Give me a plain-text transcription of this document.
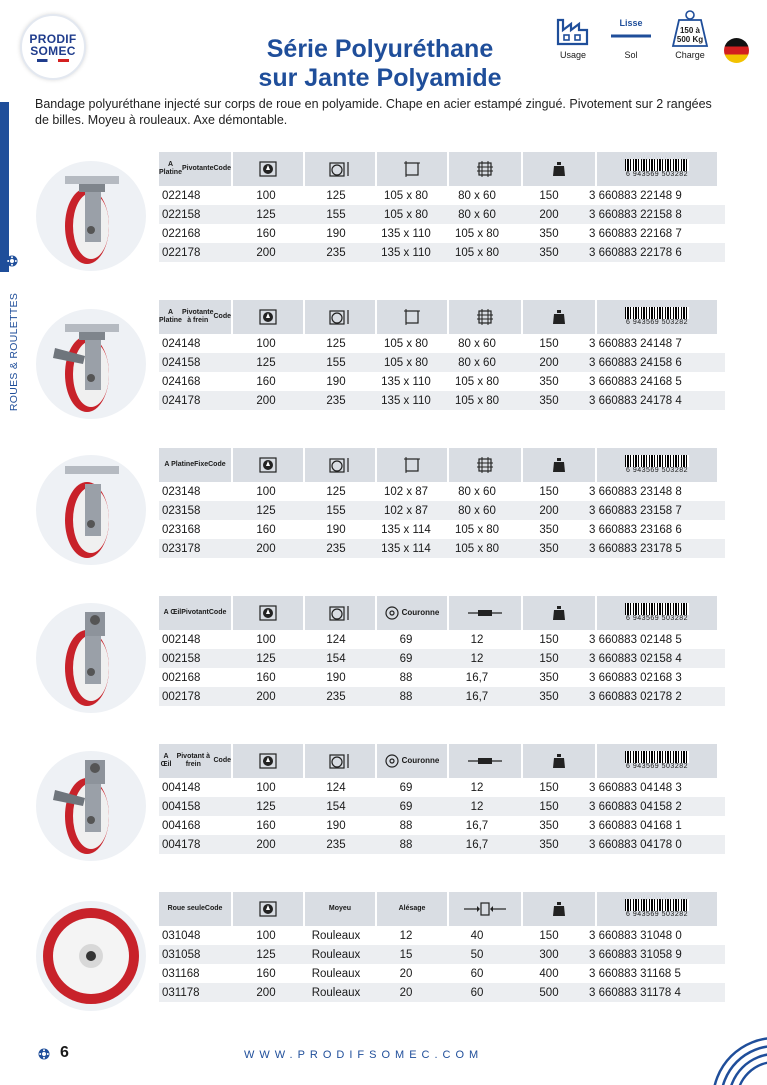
PRODIF
SOMEC	Série Polyuréthane
sur Jante Polyamide
Usage
Lisse
Sol
150 à
500 Kg
Charge
ROUES & ROULETTES
Bandage polyuréthane injecté sur corps de roue en polyamide. Chape en acier estampé zingué. Pivotement sur 2 rangées de billes. Moyeu à rouleaux. Axe démontable.
A Platine
Pivotante Code
6 943569 503282
022148	100	125	105 x 80	80 x 60	150	3 660883 22148 9
022158	125	155	105 x 80	80 x 60	200	3 660883 22158 8
022168	160	190	135 x 110	105 x 80	350	3 660883 22168 7
022178	200	235	135 x 110	105 x 80	350	3 660883 22178 6
A Platine
Pivotante à frein
Code
6 943569 503282
024148	100	125	105 x 80	80 x 60	150	3 660883 24148 7
024158	125	155	105 x 80	80 x 60	200	3 660883 24158 6
024168	160	190	135 x 110	105 x 80	350	3 660883 24168 5
024178	200	235	135 x 110	105 x 80	350	3 660883 24178 4
A Platine Fixe Code
6 943569 503282
023148	100	125	102 x 87	80 x 60	150	3 660883 23148 8
023158	125	155	102 x 87	80 x 60	200	3 660883 23158 7
023168	160	190	135 x 114	105 x 80	350	3 660883 23168 6
023178	200	235	135 x 114	105 x 80	350	3 660883 23178 5
A Œil Pivotant Code	Couronne
6 943569 503282
002148	100	124	69	12	150	3 660883 02148 5
002158	125	154	69	12	150	3 660883 02158 4
002168	160	190	88	16,7	350	3 660883 02168 3
002178	200	235	88	16,7	350	3 660883 02178 2
A Œil
Pivotant à frein
Code	Couronne
6 943569 503282
004148	100	124	69	12	150	3 660883 04148 3
004158	125	154	69	12	150	3 660883 04158 2
004168	160	190	88	16,7	350	3 660883 04168 1
004178	200	235	88	16,7	350	3 660883 04178 0
Roue seule Code	Moyeu	Alésage
6 943569 503282
031048	100	Rouleaux	12	40	150	3 660883 31048 0
031058	125	Rouleaux	15	50	300	3 660883 31058 9
031168	160	Rouleaux	20	60	400	3 660883 31168 5
031178	200	Rouleaux	20	60	500	3 660883 31178 4
6	WWW.PRODIFSOMEC.COM
